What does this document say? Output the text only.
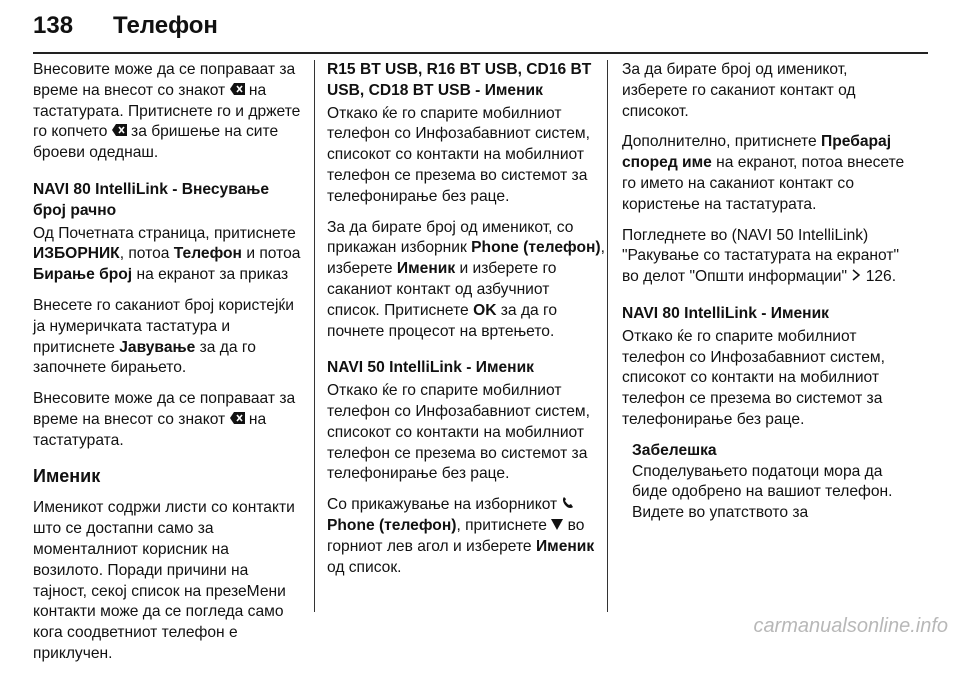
138 Телефон

Внесовите може да се поправаат за време на внесот со знакот  на тастатурата. Притиснете го и држете го копчето  за бришење на сите броеви одеднаш.

NAVI 80 IntelliLink - Внесување број рачно

Од Почетната страница, притиснете ИЗБОРНИК, потоа Телефон и потоа Бирање број на екранот за приказ

Внесете го саканиот број користејќи ја нумеричката тастатура и притиснете Јавување за да го започнете бирањето.

Внесовите може да се поправаат за време на внесот со знакот  на тастатурата.

Именик

Именикот содржи листи со контакти што се достапни само за моменталниот корисник на возилото. Поради причини на тајност, секој список на презеМени контакти може да се погледа само кога соодветниот телефон е приклучен.

R15 BT USB, R16 BT USB, CD16 BT USB, CD18 BT USB - Именик

Откако ќе го спарите мобилниот телефон со Инфозабавниот систем, списокот со контакти на мобилниот телефон се презема во системот за телефонирање без раце.

За да бирате број од именикот, со прикажан изборник Phone (телефон), изберете Именик и изберете го саканиот контакт од азбучниот список. Притиснете OK за да го почнете процесот на вртењето.

NAVI 50 IntelliLink - Именик

Откако ќе го спарите мобилниот телефон со Инфозабавниот систем, списокот со контакти на мобилниот телефон се презема во системот за телефонирање без раце.

Со прикажувањe на изборникот Phone (телефон), притиснете  во горниот лев агол и изберете Именик од список.

За да бирате број од именикот, изберете го саканиот контакт од списокот.

Дополнително, притиснете Пребарај според име на екранот, потоа внесете го името на саканиот контакт со користење на тастатурата.

Погледнете во (NAVI 50 IntelliLink) "Ракување со тастатурата на екранот" во делот "Општи информации"  126.

NAVI 80 IntelliLink - Именик

Откако ќе го спарите мобилниот телефон со Инфозабавниот систем, списокот со контакти на мобилниот телефон се презема во системот за телефонирање без раце.

Забелешка
Споделувањето податоци мора да биде одобрено на вашиот телефон. Видете во упатството за
carmanualsonline.info
